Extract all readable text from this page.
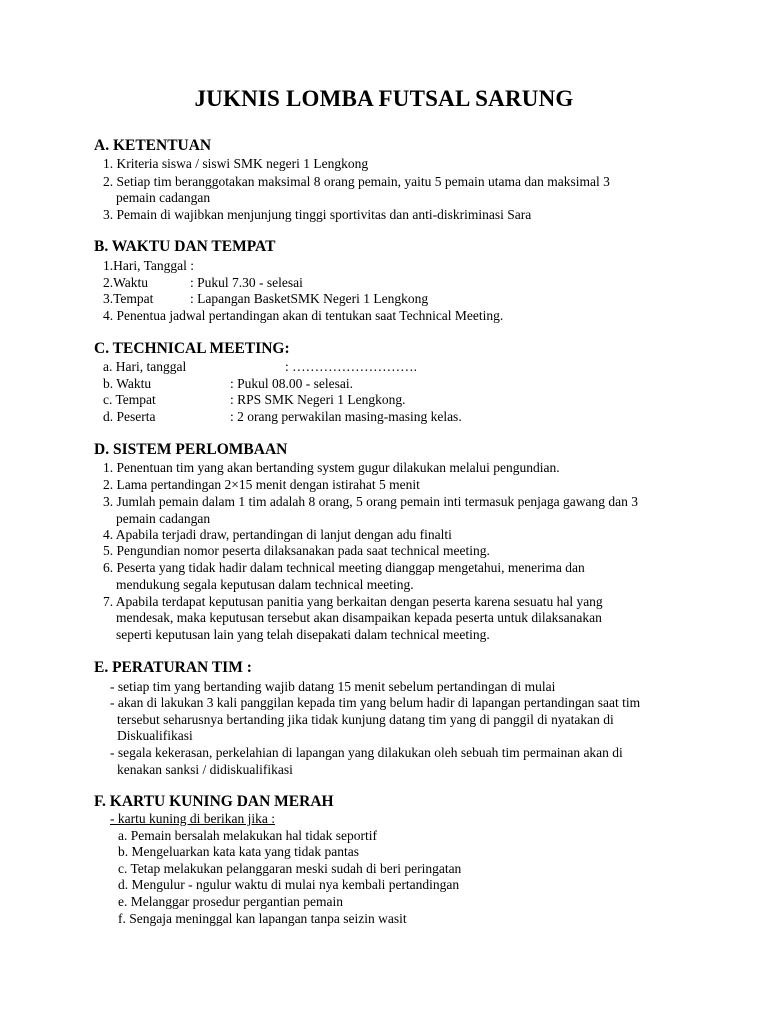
JUKNIS LOMBA FUTSAL SARUNG
A. KETENTUAN
1. Kriteria siswa / siswi SMK negeri 1 Lengkong
2. Setiap tim beranggotakan maksimal 8 orang pemain, yaitu 5 pemain utama dan maksimal 3
pemain cadangan
3. Pemain di wajibkan menjunjung tinggi sportivitas dan anti-diskriminasi Sara
B. WAKTU DAN TEMPAT
1.Hari, Tanggal :
2.Waktu	: Pukul 7.30 - selesai
3.Tempat	: Lapangan BasketSMK Negeri 1 Lengkong
4. Penentua jadwal pertandingan akan di tentukan saat Technical Meeting.
C. TECHNICAL MEETING:
a. Hari, tanggal	: ……………………….
b. Waktu	: Pukul 08.00 - selesai.
c. Tempat	: RPS SMK Negeri 1 Lengkong.
d. Peserta	: 2 orang perwakilan masing-masing kelas.
D. SISTEM PERLOMBAAN
1. Penentuan tim yang akan bertanding system gugur dilakukan melalui pengundian.
2. Lama pertandingan 2×15 menit dengan istirahat 5 menit
3. Jumlah pemain dalam 1 tim adalah 8 orang, 5 orang pemain inti termasuk penjaga gawang dan 3
pemain cadangan
4. Apabila terjadi draw, pertandingan di lanjut dengan adu finalti
5. Pengundian nomor peserta dilaksanakan pada saat technical meeting.
6. Peserta yang tidak hadir dalam technical meeting dianggap mengetahui, menerima dan
mendukung segala keputusan dalam technical meeting.
7. Apabila terdapat keputusan panitia yang berkaitan dengan peserta karena sesuatu hal yang
mendesak, maka keputusan tersebut akan disampaikan kepada peserta untuk dilaksanakan
seperti keputusan lain yang telah disepakati dalam technical meeting.
E. PERATURAN TIM :
- setiap tim yang bertanding wajib datang 15 menit sebelum pertandingan di mulai
- akan di lakukan 3 kali panggilan kepada tim yang belum hadir di lapangan pertandingan saat tim
tersebut seharusnya bertanding jika tidak kunjung datang tim yang di panggil di nyatakan di
Diskualifikasi
- segala kekerasan, perkelahian di lapangan yang dilakukan oleh sebuah tim permainan akan di
kenakan sanksi / didiskualifikasi
F. KARTU KUNING DAN MERAH
- kartu kuning di berikan jika :
a. Pemain bersalah melakukan hal tidak seportif
b. Mengeluarkan kata kata yang tidak pantas
c. Tetap melakukan pelanggaran meski sudah di beri peringatan
d. Mengulur - ngulur waktu di mulai nya kembali pertandingan
e. Melanggar prosedur pergantian pemain
f. Sengaja meninggal kan lapangan tanpa seizin wasit
